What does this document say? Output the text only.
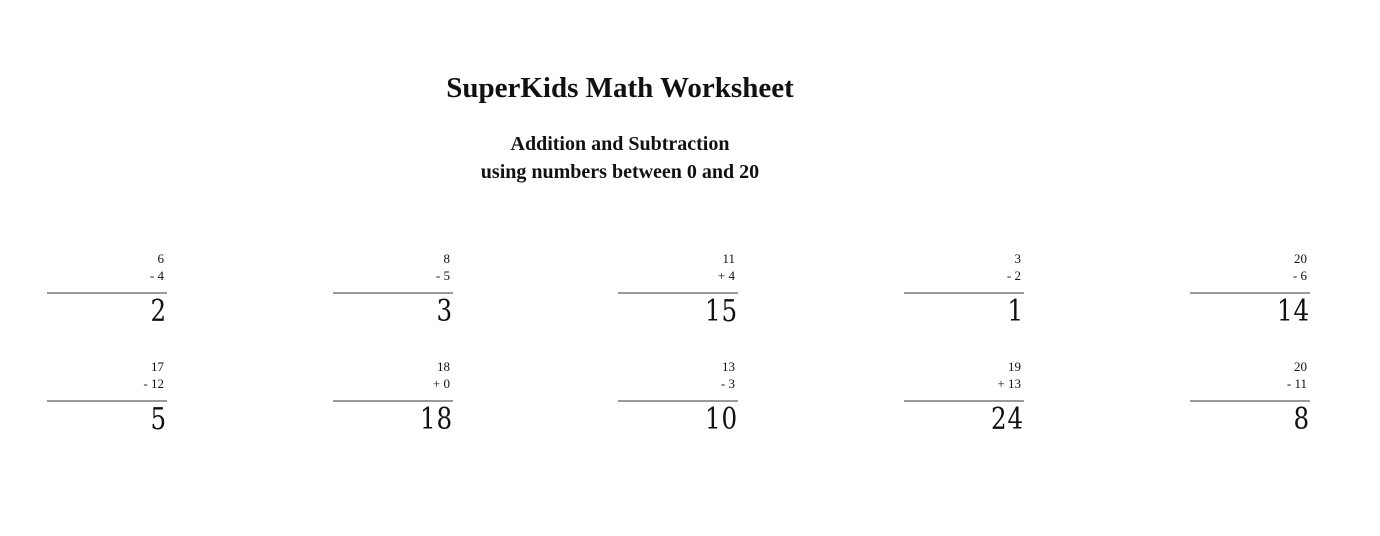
SuperKids Math Worksheet
Addition and Subtraction
using numbers between 0 and 20
6
- 4
2
8
- 5
3
11
+ 4
15
3
- 2
1
20
- 6
14
17
- 12
5
18
+ 0
18
13
- 3
10
19
+ 13
24
20
- 11
8
